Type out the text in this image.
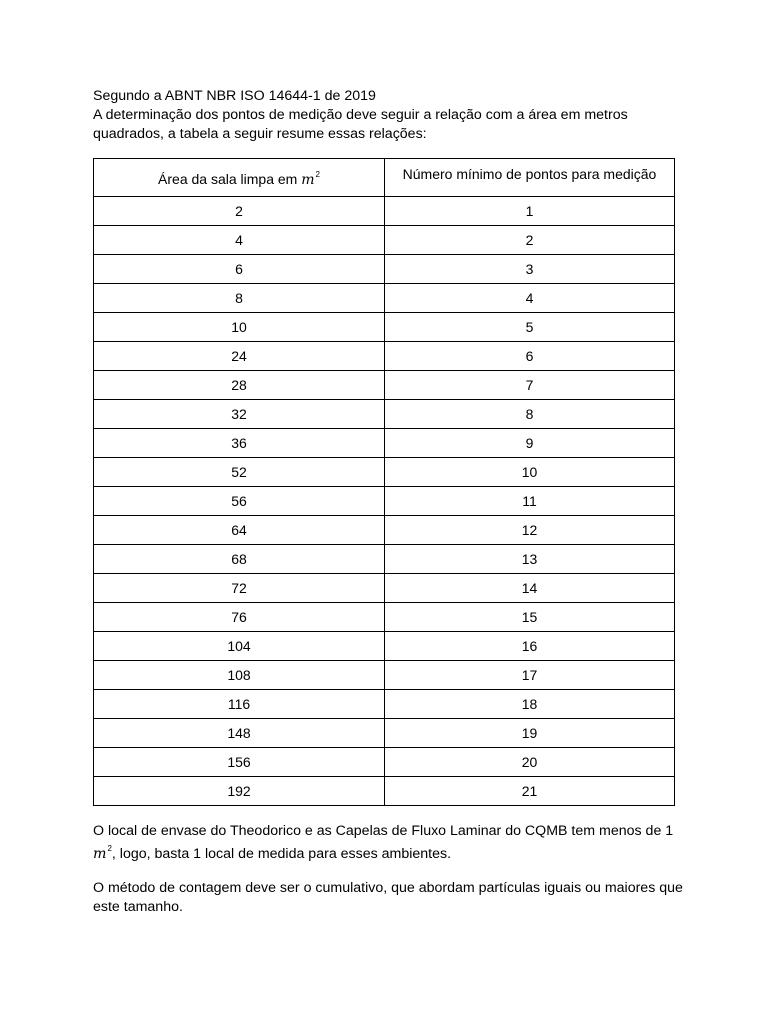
Segundo a ABNT NBR ISO 14644-1 de 2019

A determinação dos pontos de medição deve seguir a relação com a área em metros quadrados, a tabela a seguir resume essas relações:

Área da sala limpa em $m^2$	Número mínimo de pontos para medição
2	1
4	2
6	3
8	4
10	5
24	6
28	7
32	8
36	9
52	10
56	11
64	12
68	13
72	14
76	15
104	16
108	17
116	18
148	19
156	20
192	21

O local de envase do Theodorico e as Capelas de Fluxo Laminar do CQMB tem menos de 1 $m^2$, logo, basta 1 local de medida para esses ambientes.

O método de contagem deve ser o cumulativo, que abordam partículas iguais ou maiores que este tamanho.
